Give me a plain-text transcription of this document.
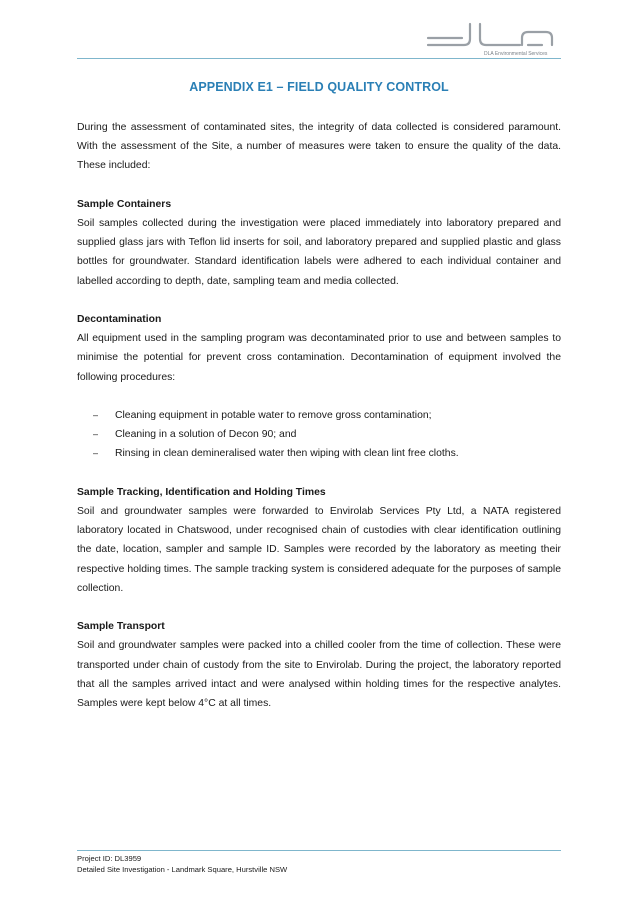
DLA Environmental Services
APPENDIX E1 – FIELD QUALITY CONTROL

During the assessment of contaminated sites, the integrity of data collected is considered paramount. With the assessment of the Site, a number of measures were taken to ensure the quality of the data. These included:

Sample Containers

Soil samples collected during the investigation were placed immediately into laboratory prepared and supplied glass jars with Teflon lid inserts for soil, and laboratory prepared and supplied plastic and glass bottles for groundwater. Standard identification labels were adhered to each individual container and labelled according to depth, date, sampling team and media collected.

Decontamination

All equipment used in the sampling program was decontaminated prior to use and between samples to minimise the potential for prevent cross contamination. Decontamination of equipment involved the following procedures:

– Cleaning equipment in potable water to remove gross contamination;
– Cleaning in a solution of Decon 90; and
– Rinsing in clean demineralised water then wiping with clean lint free cloths.

Sample Tracking, Identification and Holding Times

Soil and groundwater samples were forwarded to Envirolab Services Pty Ltd, a NATA registered laboratory located in Chatswood, under recognised chain of custodies with clear identification outlining the date, location, sampler and sample ID. Samples were recorded by the laboratory as meeting their respective holding times. The sample tracking system is considered adequate for the purposes of sample collection.

Sample Transport

Soil and groundwater samples were packed into a chilled cooler from the time of collection. These were transported under chain of custody from the site to Envirolab. During the project, the laboratory reported that all the samples arrived intact and were analysed within holding times for the respective analytes. Samples were kept below 4°C at all times.

Project ID: DL3959
Detailed Site Investigation - Landmark Square, Hurstville NSW
